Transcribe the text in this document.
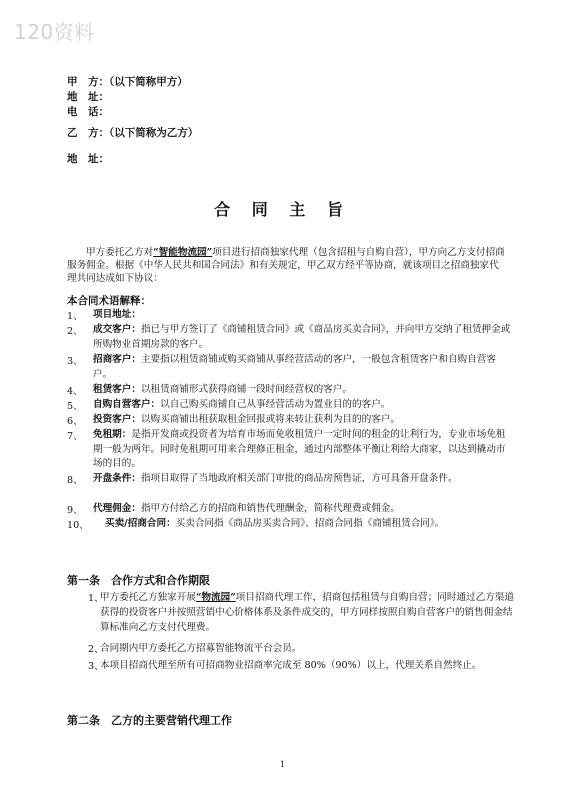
120资料
甲　方：（以下简称甲方）
地　址：
电　话：
乙　方：（以下简称为乙方）
地　址：
合 同 主 旨
甲方委托乙方对“智能物流园”项目进行招商独家代理（包含招租与自购自营），甲方向乙方支付招商服务佣金。根据《中华人民共和国合同法》和有关规定，甲乙双方经平等协商，就该项目之招商独家代理共同达成如下协议：
本合同术语解释：
1、 项目地址：
2、 成交客户：指已与甲方签订了《商铺租赁合同》或《商品房买卖合同》，并向甲方交纳了租赁押金或所购物业首期房款的客户。
3、 招商客户：主要指以租赁商铺或购买商铺从事经营活动的客户，一般包含租赁客户和自购自营客户。
4、 租赁客户：以租赁商铺形式获得商铺一段时间经营权的客户。
5、 自购自营客户：以自己购买商铺自己从事经营活动为置业目的的客户。
6、 投资客户：以购买商铺出租获取租金回报或将来转让获利为目的的客户。
7、 免租期：是指开发商或投资者为培育市场而免收租赁户一定时间的租金的让利行为，专业市场免租期一般为两年。同时免租期可用来合理修正租金，通过内部整体平衡让利给大商家，以达到撬动市场的目的。
8、 开盘条件：指项目取得了当地政府相关部门审批的商品房预售证，方可具备开盘条件。
9、 代理佣金：指甲方付给乙方的招商和销售代理酬金，简称代理费或佣金。
10、 买卖/招商合同：买卖合同指《商品房买卖合同》、招商合同指《商铺租赁合同》。
第一条　合作方式和合作期限
1、
甲方委托乙方独家开展“物流园”项目招商代理工作，招商包括租赁与自购自营；同时通过乙方渠道获得的投资客户并按照营销中心价格体系及条件成交的，甲方同样按照自购自营客户的销售佣金结算标准向乙方支付代理费。
2、
合同期内甲方委托乙方招募智能物流平台会员。
3、
本项目招商代理至所有可招商物业招商率完成至 80%（90%）以上，代理关系自然终止。
第二条　乙方的主要营销代理工作
1
